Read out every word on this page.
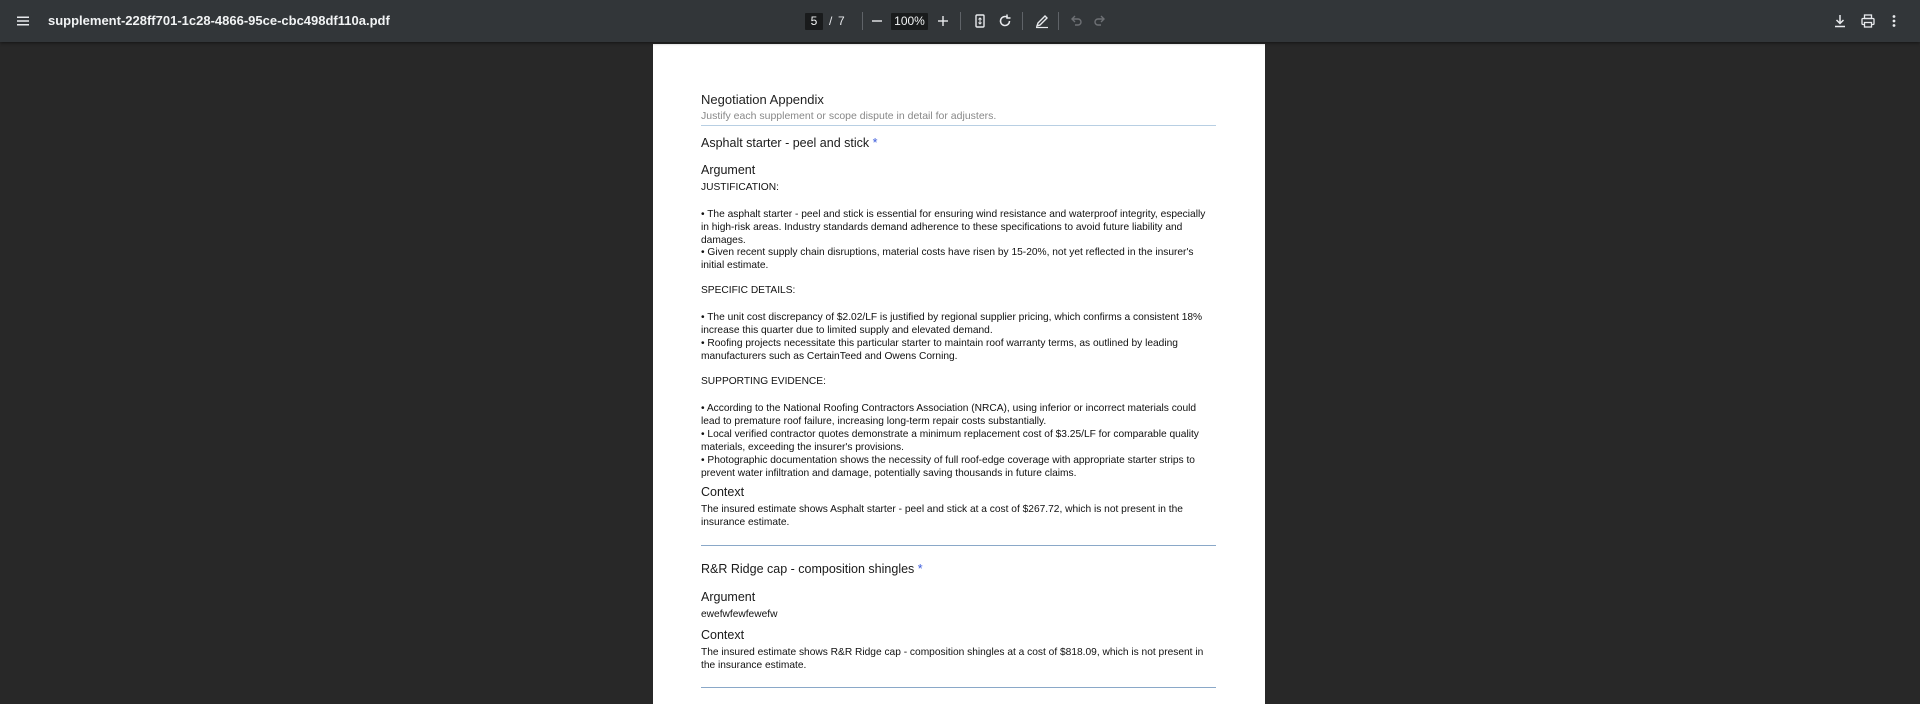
supplement-228ff701-1c28-4866-95ce-cbc498df110a.pdf	5 / 7	100%
Negotiation Appendix
Justify each supplement or scope dispute in detail for adjusters.
Asphalt starter - peel and stick *
Argument
JUSTIFICATION:
• The asphalt starter - peel and stick is essential for ensuring wind resistance and waterproof integrity, especially in high-risk areas. Industry standards demand adherence to these specifications to avoid future liability and damages.
• Given recent supply chain disruptions, material costs have risen by 15-20%, not yet reflected in the insurer's initial estimate.
SPECIFIC DETAILS:
• The unit cost discrepancy of $2.02/LF is justified by regional supplier pricing, which confirms a consistent 18% increase this quarter due to limited supply and elevated demand.
• Roofing projects necessitate this particular starter to maintain roof warranty terms, as outlined by leading manufacturers such as CertainTeed and Owens Corning.
SUPPORTING EVIDENCE:
• According to the National Roofing Contractors Association (NRCA), using inferior or incorrect materials could lead to premature roof failure, increasing long-term repair costs substantially.
• Local verified contractor quotes demonstrate a minimum replacement cost of $3.25/LF for comparable quality materials, exceeding the insurer's provisions.
• Photographic documentation shows the necessity of full roof-edge coverage with appropriate starter strips to prevent water infiltration and damage, potentially saving thousands in future claims.
Context
The insured estimate shows Asphalt starter - peel and stick at a cost of $267.72, which is not present in the insurance estimate.
R&R Ridge cap - composition shingles *
Argument
ewefwfewfewefw
Context
The insured estimate shows R&R Ridge cap - composition shingles at a cost of $818.09, which is not present in the insurance estimate.
